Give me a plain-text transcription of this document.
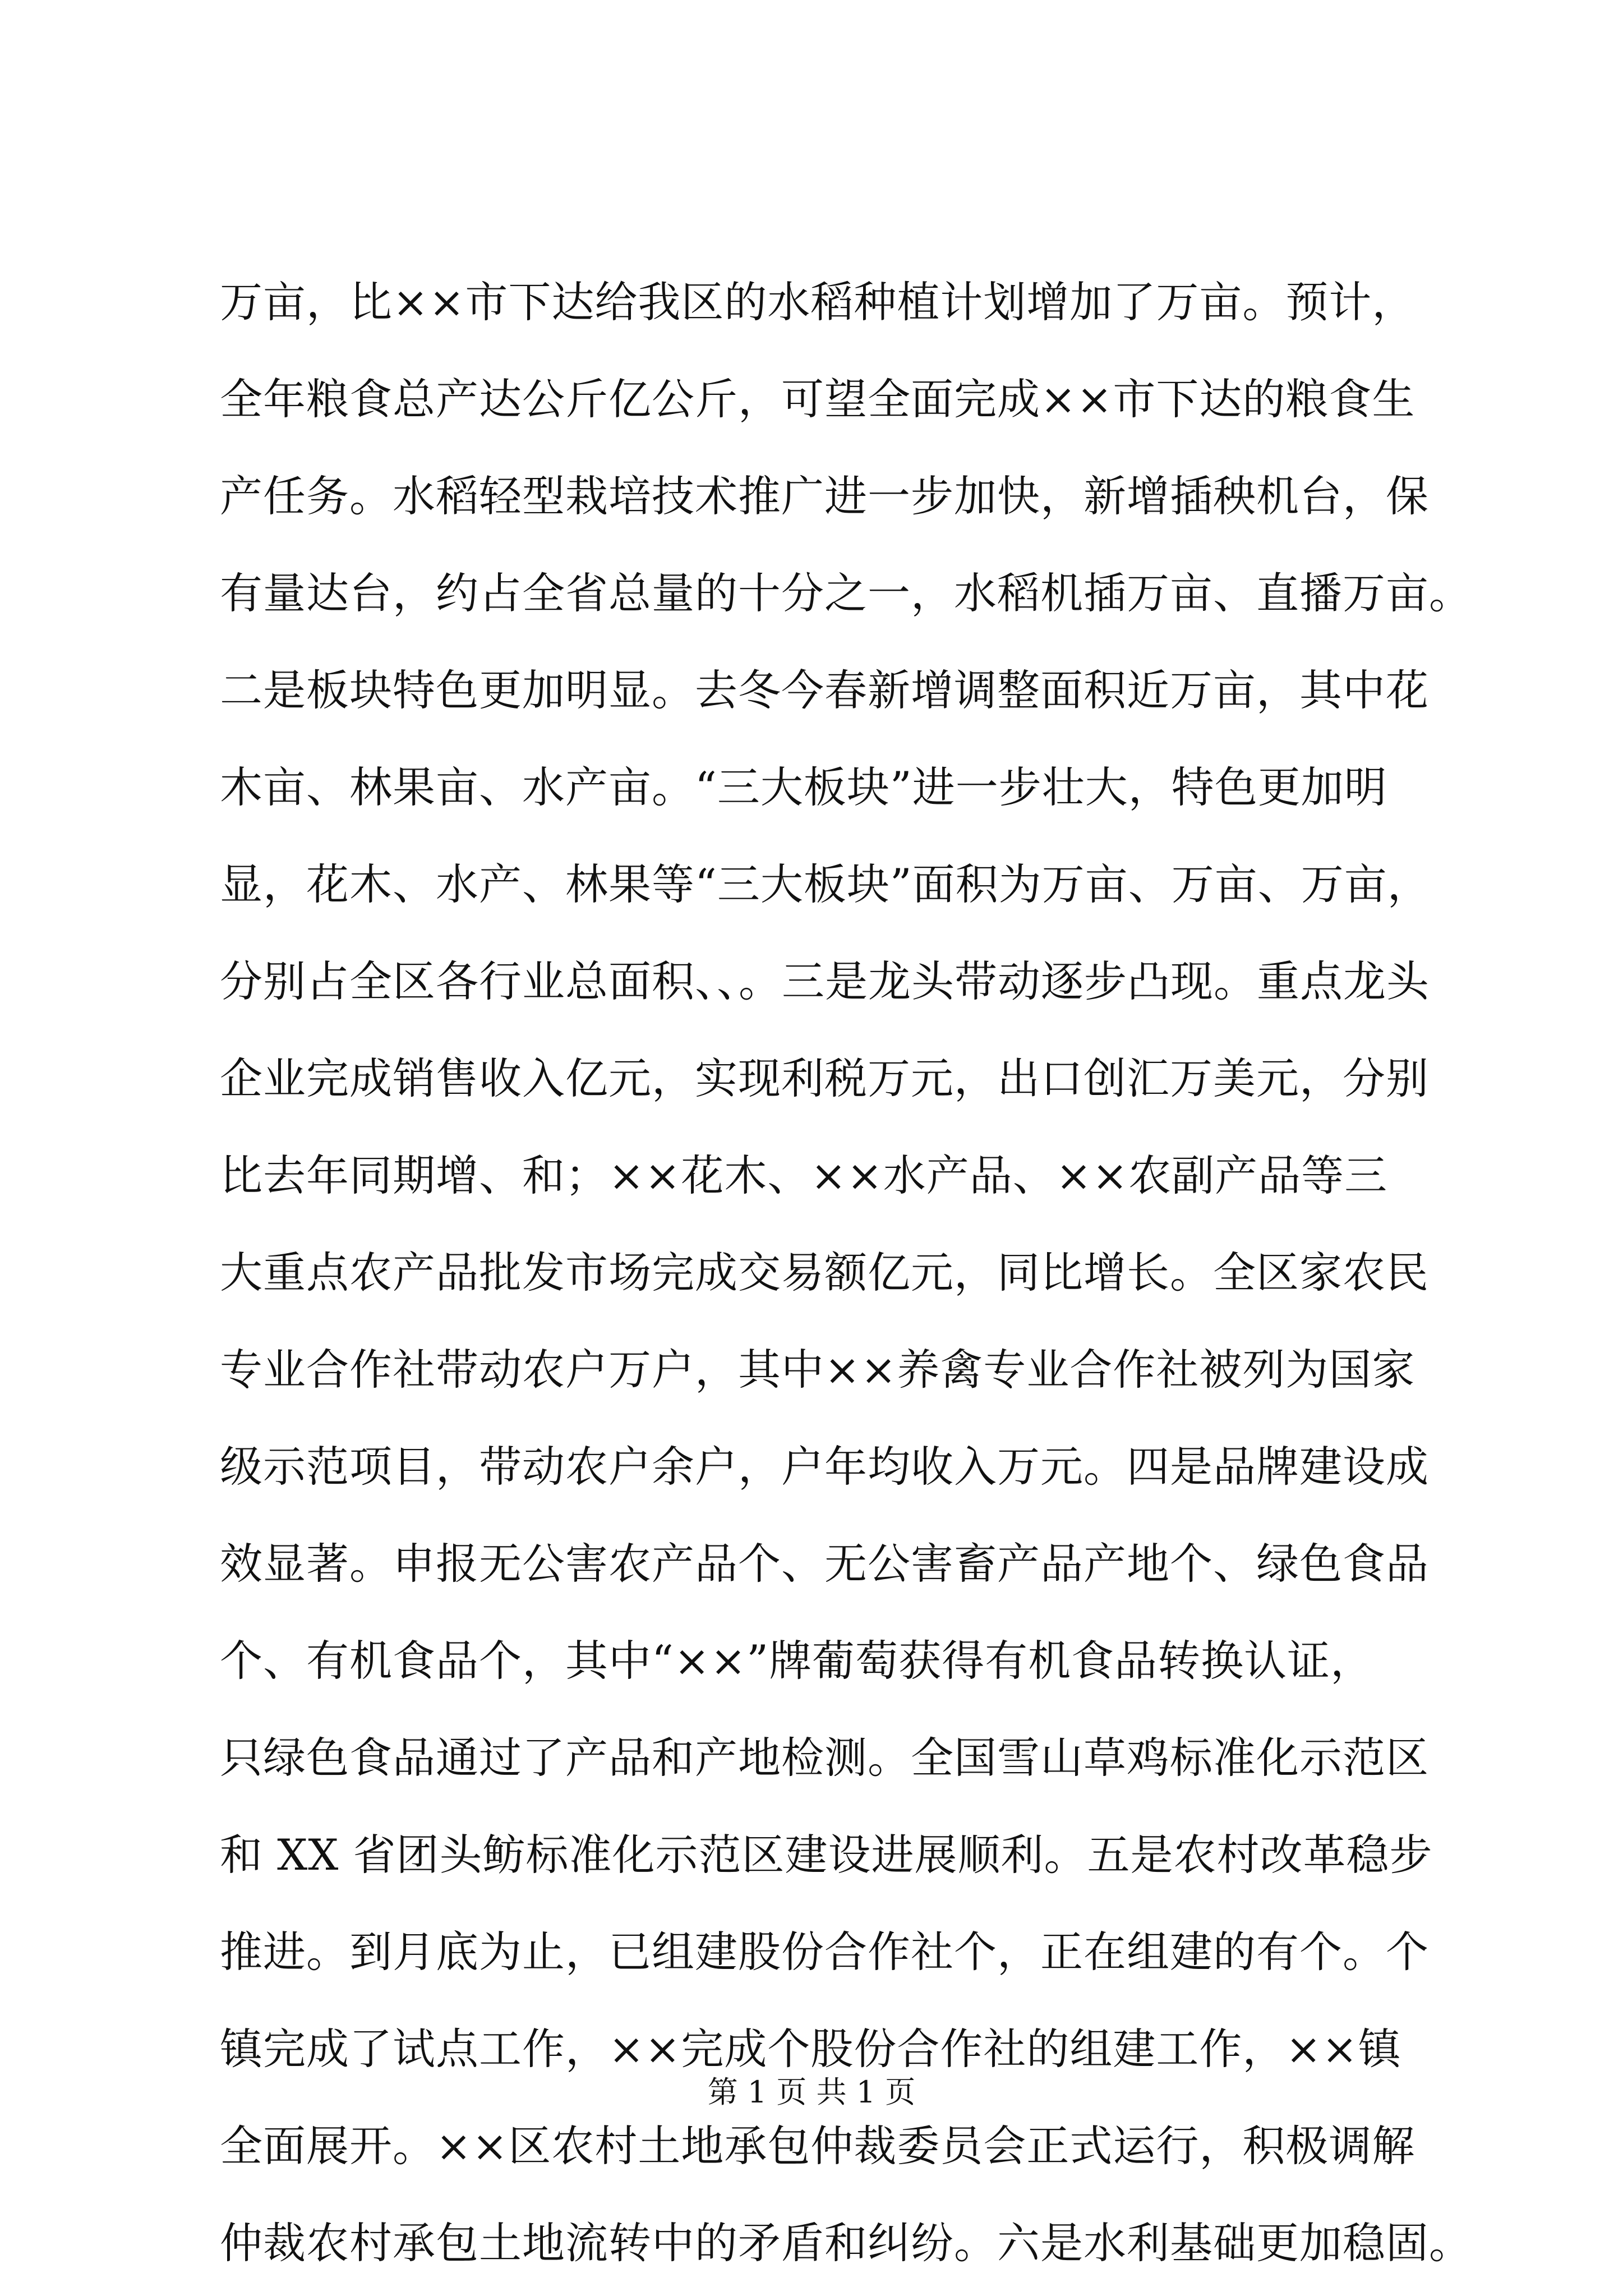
万亩，比××市下达给我区的水稻种植计划增加了万亩。预计，
全年粮食总产达公斤亿公斤，可望全面完成××市下达的粮食生
产任务。水稻轻型栽培技术推广进一步加快，新增插秧机台，保
有量达台，约占全省总量的十分之一，水稻机插万亩、直播万亩。
二是板块特色更加明显。去冬今春新增调整面积近万亩，其中花
木亩、林果亩、水产亩。“三大板块”进一步壮大，特色更加明
显，花木、水产、林果等“三大板块”面积为万亩、万亩、万亩，
分别占全区各行业总面积、、。三是龙头带动逐步凸现。重点龙头
企业完成销售收入亿元，实现利税万元，出口创汇万美元，分别
比去年同期增、和；××花木、××水产品、××农副产品等三
大重点农产品批发市场完成交易额亿元，同比增长。全区家农民
专业合作社带动农户万户，其中××养禽专业合作社被列为国家
级示范项目，带动农户余户，户年均收入万元。四是品牌建设成
效显著。申报无公害农产品个、无公害畜产品产地个、绿色食品
个、有机食品个，其中“××”牌葡萄获得有机食品转换认证，
只绿色食品通过了产品和产地检测。全国雪山草鸡标准化示范区
和 XX 省团头鲂标准化示范区建设进展顺利。五是农村改革稳步
推进。到月底为止，已组建股份合作社个，正在组建的有个。个
镇完成了试点工作，××完成个股份合作社的组建工作，××镇
全面展开。××区农村土地承包仲裁委员会正式运行，积极调解
仲裁农村承包土地流转中的矛盾和纠纷。六是水利基础更加稳固。
第 1 页 共 1 页
